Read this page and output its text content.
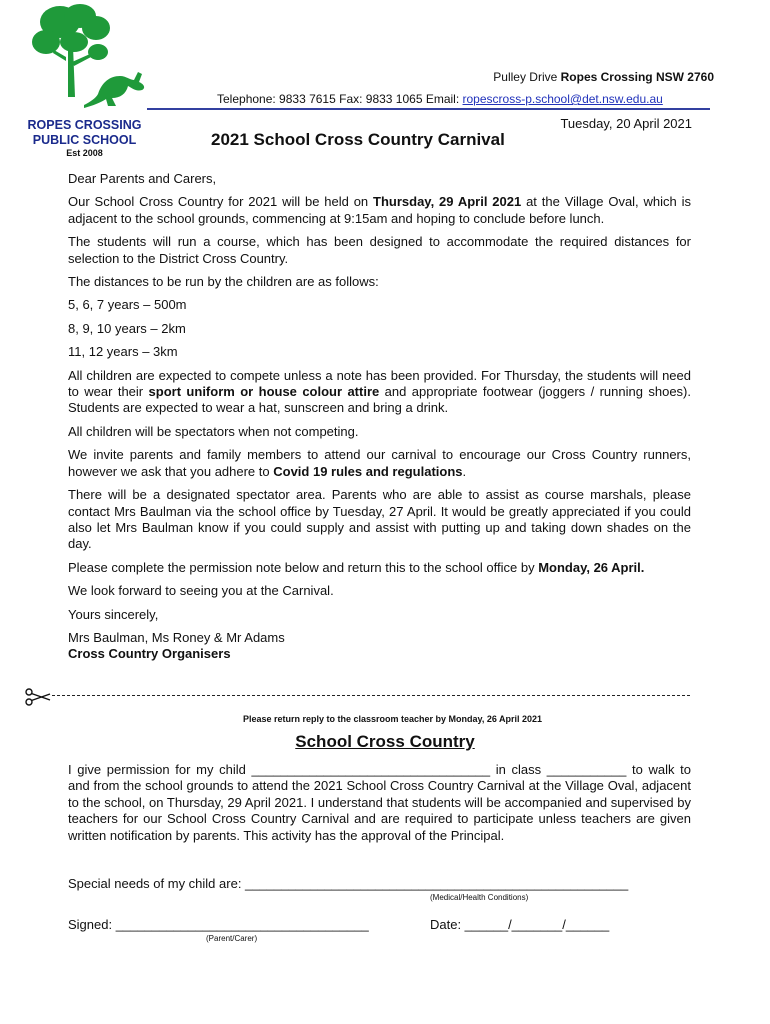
ROPES CROSSING
PUBLIC SCHOOL
Est 2008
Pulley Drive Ropes Crossing NSW 2760
Telephone: 9833 7615 Fax: 9833 1065 Email: ropescross-p.school@det.nsw.edu.au
Tuesday, 20 April 2021
2021 School Cross Country Carnival

Dear Parents and Carers,

Our School Cross Country for 2021 will be held on Thursday, 29 April 2021 at the Village Oval, which is adjacent to the school grounds, commencing at 9:15am and hoping to conclude before lunch.

The students will run a course, which has been designed to accommodate the required distances for selection to the District Cross Country.

The distances to be run by the children are as follows:

5, 6, 7 years – 500m

8, 9, 10 years – 2km

11, 12 years – 3km

All children are expected to compete unless a note has been provided. For Thursday, the students will need to wear their sport uniform or house colour attire and appropriate footwear (joggers / running shoes). Students are expected to wear a hat, sunscreen and bring a drink.

All children will be spectators when not competing.

We invite parents and family members to attend our carnival to encourage our Cross Country runners, however we ask that you adhere to Covid 19 rules and regulations.

There will be a designated spectator area. Parents who are able to assist as course marshals, please contact Mrs Baulman via the school office by Tuesday, 27 April. It would be greatly appreciated if you could also let Mrs Baulman know if you could supply and assist with putting up and taking down shades on the day.

Please complete the permission note below and return this to the school office by Monday, 26 April.

We look forward to seeing you at the Carnival.

Yours sincerely,

Mrs Baulman, Ms Roney & Mr Adams

Cross Country Organisers

Please return reply to the classroom teacher by Monday, 26 April 2021
School Cross Country
I give permission for my child _________________________________ in class ___________ to walk to and from the school grounds to attend the 2021 School Cross Country Carnival at the Village Oval, adjacent to the school, on Thursday, 29 April 2021. I understand that students will be accompanied and supervised by teachers for our School Cross Country Carnival and are required to participate unless teachers are given written notification by parents. This activity has the approval of the Principal.
Special needs of my child are: _____________________________________________________
(Medical/Health Conditions)
Signed: ___________________________________	Date: ______/_______/______
(Parent/Carer)
